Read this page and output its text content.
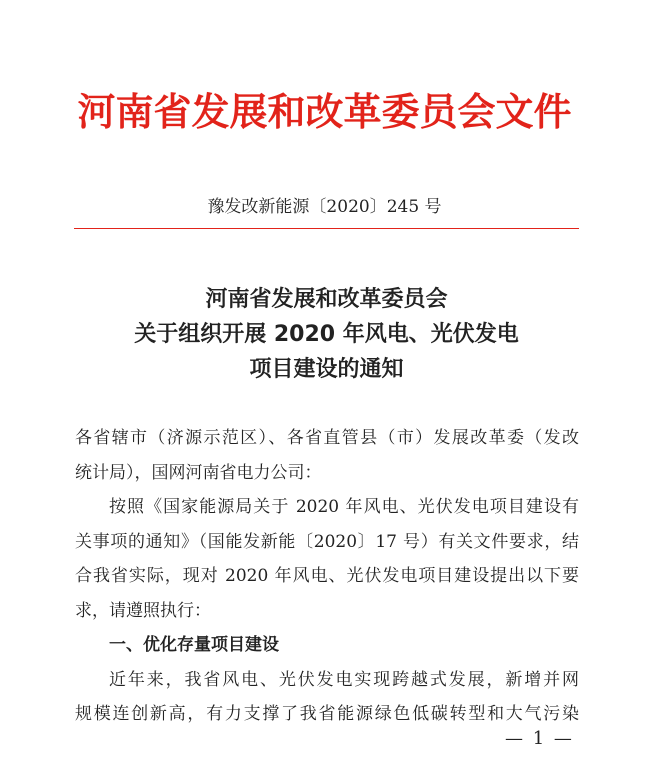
河南省发展和改革委员会文件
豫发改新能源〔2020〕245 号
河南省发展和改革委员会
关于组织开展 2020 年风电、光伏发电
项目建设的通知

各省辖市（济源示范区）、各省直管县（市）发展改革委（发改

统计局），国网河南省电力公司：

按照《国家能源局关于 2020 年风电、光伏发电项目建设有

关事项的通知》（国能发新能〔2020〕17 号）有关文件要求，结

合我省实际，现对 2020 年风电、光伏发电项目建设提出以下要

求，请遵照执行：

一、优化存量项目建设

近年来，我省风电、光伏发电实现跨越式发展，新增并网

规模连创新高，有力支撑了我省能源绿色低碳转型和大气污染

— 1 —
